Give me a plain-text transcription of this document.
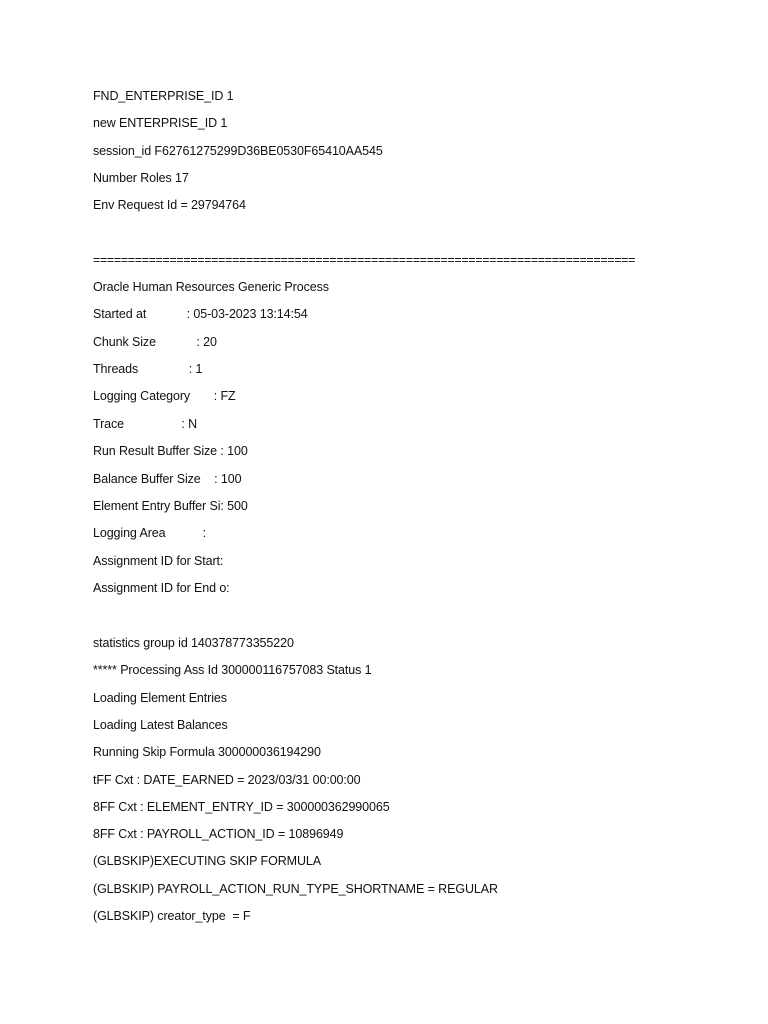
FND_ENTERPRISE_ID 1
new ENTERPRISE_ID 1
session_id F62761275299D36BE0530F65410AA545
Number Roles 17
Env Request Id = 29794764
==============================================================================
Oracle Human Resources Generic Process
Started at            : 05-03-2023 13:14:54
Chunk Size            : 20
Threads               : 1
Logging Category       : FZ
Trace                 : N
Run Result Buffer Size : 100
Balance Buffer Size    : 100
Element Entry Buffer Si: 500
Logging Area           :
Assignment ID for Start:
Assignment ID for End o:
statistics group id 140378773355220
***** Processing Ass Id 300000116757083 Status 1
Loading Element Entries
Loading Latest Balances
Running Skip Formula 300000036194290
tFF Cxt : DATE_EARNED = 2023/03/31 00:00:00
8FF Cxt : ELEMENT_ENTRY_ID = 300000362990065
8FF Cxt : PAYROLL_ACTION_ID = 10896949
(GLBSKIP)EXECUTING SKIP FORMULA
(GLBSKIP) PAYROLL_ACTION_RUN_TYPE_SHORTNAME = REGULAR
(GLBSKIP) creator_type  = F
